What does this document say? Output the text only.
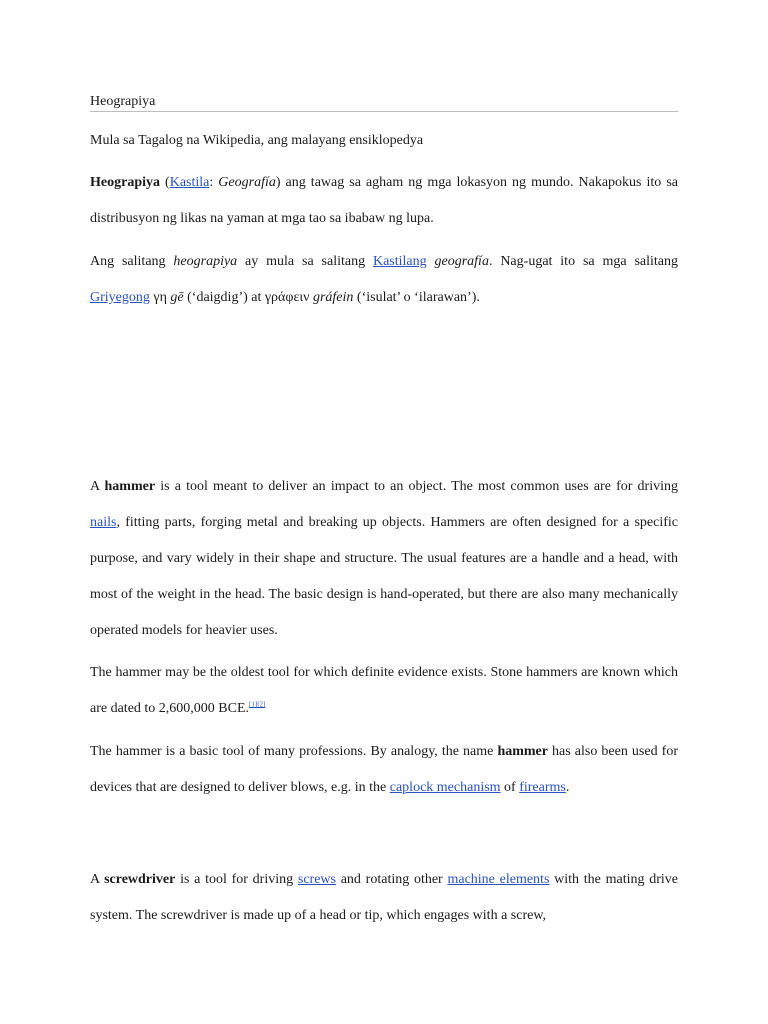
Heograpiya

Mula sa Tagalog na Wikipedia, ang malayang ensiklopedya

Heograpiya (Kastila: Geografía) ang tawag sa agham ng mga lokasyon ng mundo. Nakapokus ito sa distribusyon ng likas na yaman at mga tao sa ibabaw ng lupa.

Ang salitang heograpiya ay mula sa salitang Kastilang geografía. Nag-ugat ito sa mga salitang Griyegong γη gē (‘daigdig’) at γράφειν gráfein (‘isulat’ o ‘ilarawan’).

A hammer is a tool meant to deliver an impact to an object. The most common uses are for driving nails, fitting parts, forging metal and breaking up objects. Hammers are often designed for a specific purpose, and vary widely in their shape and structure. The usual features are a handle and a head, with most of the weight in the head. The basic design is hand-operated, but there are also many mechanically operated models for heavier uses.

The hammer may be the oldest tool for which definite evidence exists. Stone hammers are known which are dated to 2,600,000 BCE.[1][2]

The hammer is a basic tool of many professions. By analogy, the name hammer has also been used for devices that are designed to deliver blows, e.g. in the caplock mechanism of firearms.

A screwdriver is a tool for driving screws and rotating other machine elements with the mating drive system. The screwdriver is made up of a head or tip, which engages with a screw,
